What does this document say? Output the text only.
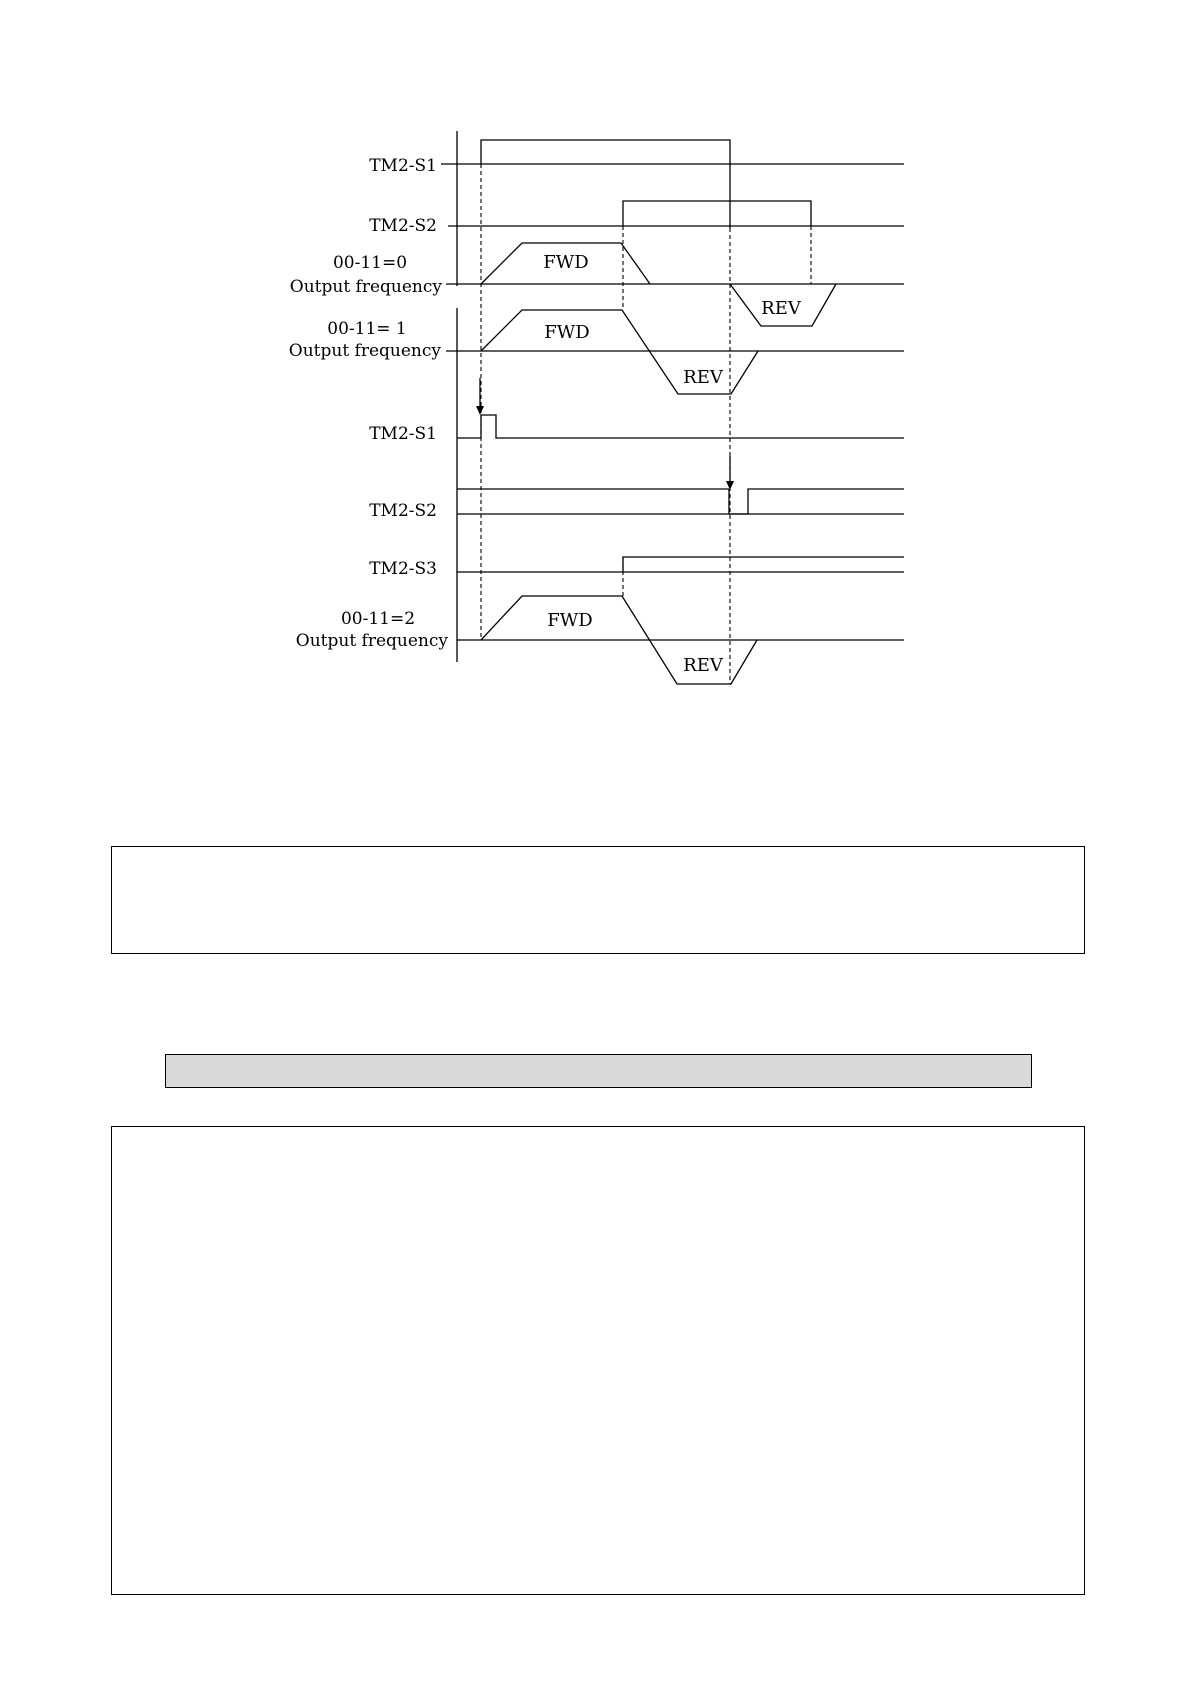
TM2-S1
TM2-S2
00-11=0
Output frequency
FWD
REV
00-11= 1
Output frequency
FWD
REV
TM2-S1
TM2-S2
TM2-S3
00-11=2
Output frequency
FWD
REV
